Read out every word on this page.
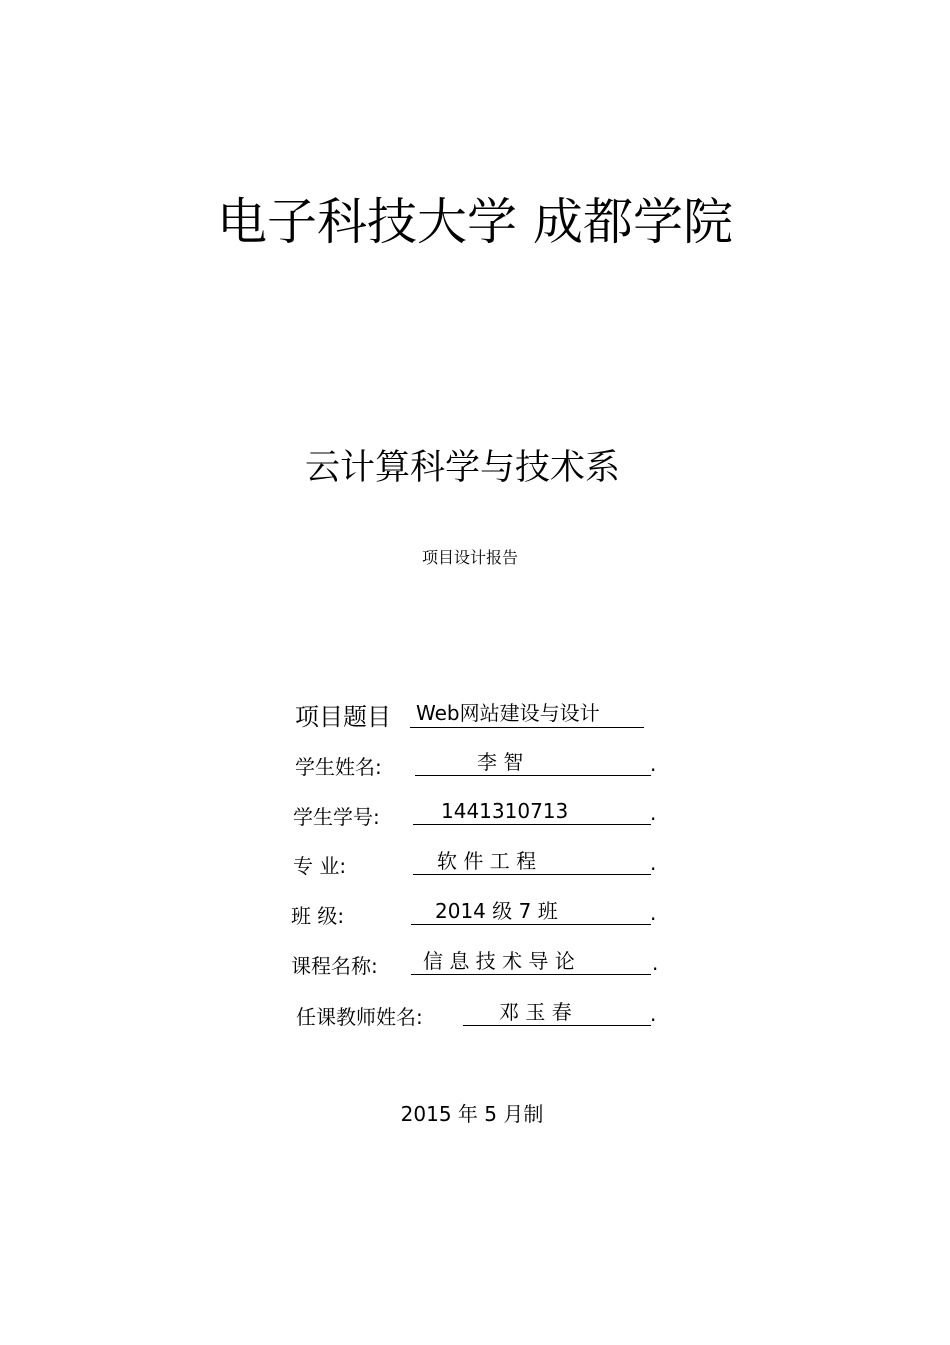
电子科技大学 成都学院
云计算科学与技术系
项目设计报告
项目题目	Web网站建设与设计
学生姓名:	李 智	.
学生学号:	1441310713	.
专 业:	软 件 工 程	.
班 级:	2014 级 7 班	.
课程名称:	信 息 技 术 导 论	.
任课教师姓名:	邓 玉 春	.
2015 年 5 月制
